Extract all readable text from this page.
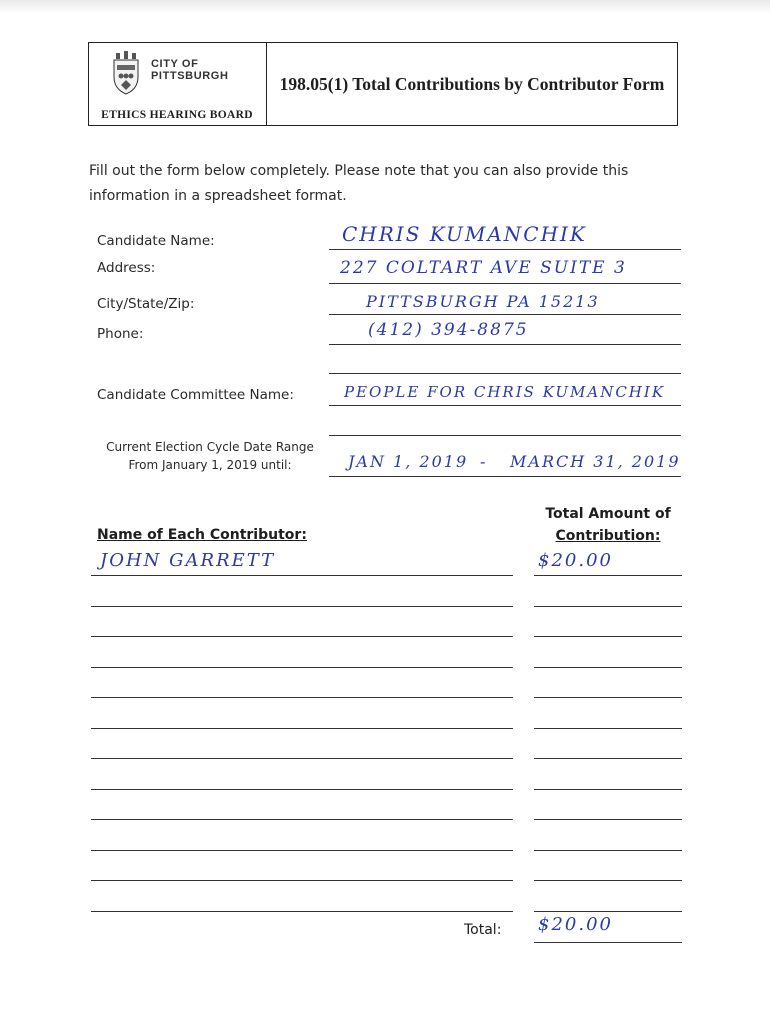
CITY OF
PITTSBURGH
ETHICS HEARING BOARD
198.05(1) Total Contributions by Contributor Form
Fill out the form below completely. Please note that you can also provide this information in a spreadsheet format.
Candidate Name:	CHRIS KUMANCHIK
Address:	227 COLTART AVE SUITE 3
City/State/Zip:	PITTSBURGH PA 15213
Phone:	(412) 394-8875
Candidate Committee Name:	PEOPLE FOR CHRIS KUMANCHIK
Current Election Cycle Date Range
From January 1, 2019 until:	JAN 1, 2019 - MARCH 31, 2019
Total Amount of
Contribution:
Name of Each Contributor:
JOHN GARRETT	$20.00
Total: $20.00
